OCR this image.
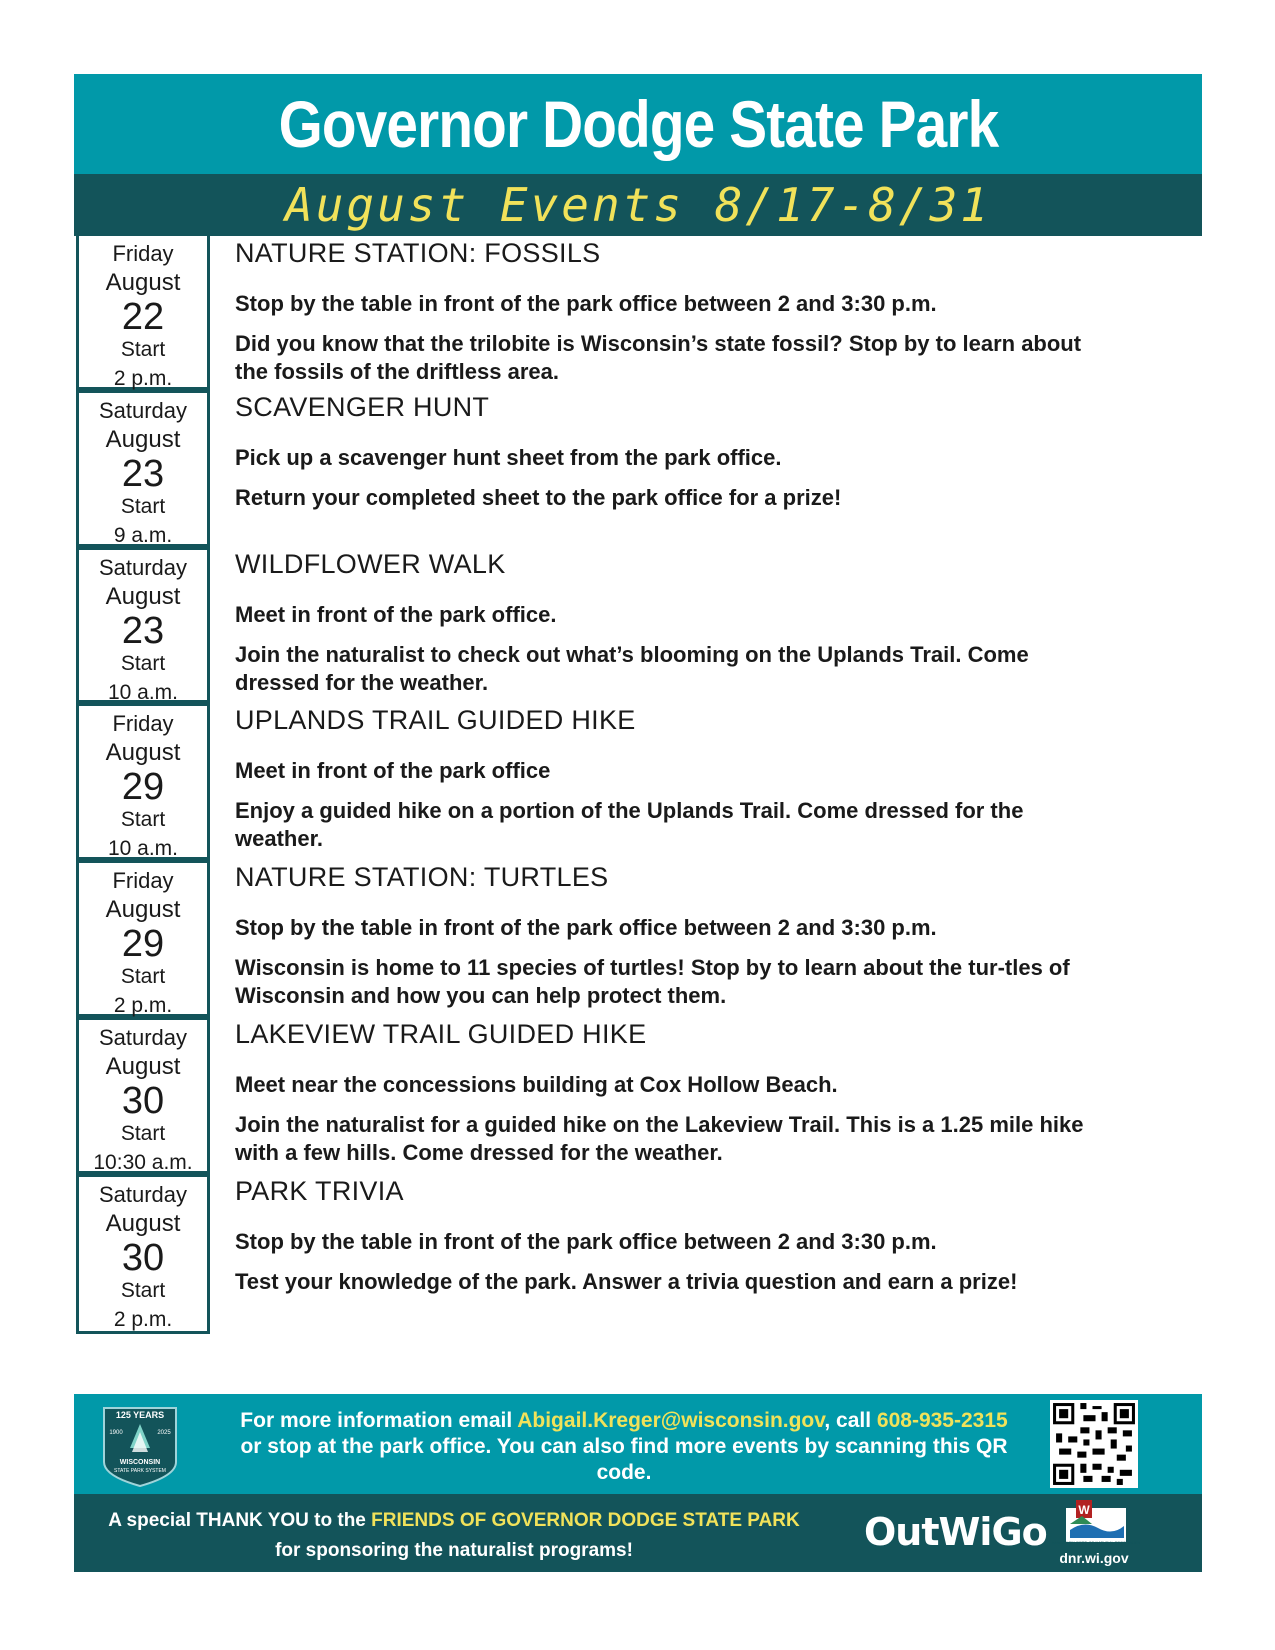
Governor Dodge State Park
August Events 8/17-8/31
Friday
August
22
Start
2 p.m.
NATURE STATION: FOSSILS
Stop by the table in front of the park office between 2 and 3:30 p.m.
Did you know that the trilobite is Wisconsin’s state fossil? Stop by to learn about the fossils of the driftless area.
Saturday
August
23
Start
9 a.m.
SCAVENGER HUNT
Pick up a scavenger hunt sheet from the park office.
Return your completed sheet to the park office for a prize!
Saturday
August
23
Start
10 a.m.
WILDFLOWER WALK
Meet in front of the park office.
Join the naturalist to check out what’s blooming on the Uplands Trail. Come dressed for the weather.
Friday
August
29
Start
10 a.m.
UPLANDS TRAIL GUIDED HIKE
Meet in front of the park office
Enjoy a guided hike on a portion of the Uplands Trail. Come dressed for the weather.
Friday
August
29
Start
2 p.m.
NATURE STATION: TURTLES
Stop by the table in front of the park office between 2 and 3:30 p.m.
Wisconsin is home to 11 species of turtles! Stop by to learn about the tur-tles of Wisconsin and how you can help protect them.
Saturday
August
30
Start
10:30 a.m.
LAKEVIEW TRAIL GUIDED HIKE
Meet near the concessions building at Cox Hollow Beach.
Join the naturalist for a guided hike on the Lakeview Trail. This is a 1.25 mile hike with a few hills. Come dressed for the weather.
Saturday
August
30
Start
2 p.m.
PARK TRIVIA
Stop by the table in front of the park office between 2 and 3:30 p.m.
Test your knowledge of the park. Answer a trivia question and earn a prize!
125 YEARS
1900	2025
WISCONSIN
STATE PARK SYSTEM
For more information email Abigail.Kreger@wisconsin.gov, call 608-935-2315
or stop at the park office. You can also find more events by scanning this QR code.
A special THANK YOU to the FRIENDS OF GOVERNOR DODGE STATE PARK
for sponsoring the naturalist programs!	OutWiGo	W
WISCONSIN DEPT. OF NATURAL RESOURCES
dnr.wi.gov
